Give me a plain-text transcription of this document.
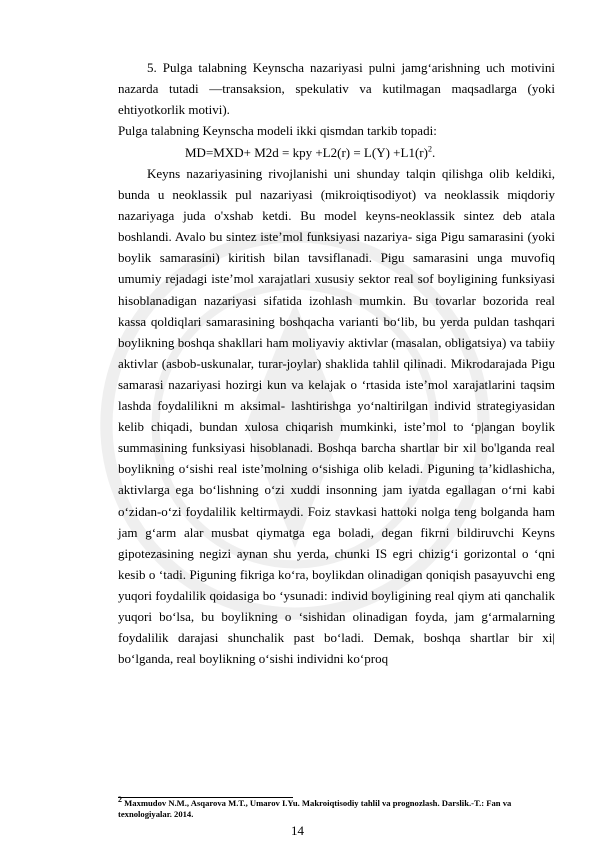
5. Pulga talabning Keynscha nazariyasi pulni jamg‘arishning uch motivini nazarda tutadi —transaksion, spekulativ va kutilmagan maqsadlarga (yoki ehtiyotkorlik motivi).

Pulga talabning Keynscha modeli ikki qismdan tarkib topadi:
MD=MXD+ M2d = kpy $+L2(r) = L(Y) +L1(r)^2$.

Keyns nazariyasining rivojlanishi uni shunday talqin qilishga olib keldiki, bunda u neoklassik pul nazariyasi (mikroiqtisodiyot) va neoklassik miqdoriy nazariyaga juda o'xshab ketdi. Bu model keyns-neoklassik sintez deb atala boshlandi. Avalo bu sintez iste’mol funksiyasi nazariya- siga Pigu samarasini (yoki boylik samarasini) kiritish bilan tavsiflanadi. Pigu samarasini unga muvofiq umumiy rejadagi iste’mol xarajatlari xususiy sektor real sof boyligining funksiyasi hisoblanadigan nazariyasi sifatida izohlash mumkin. Bu tovarlar bozorida real kassa qoldiqlari samarasining boshqacha varianti bo‘lib, bu yerda puldan tashqari boylikning boshqa shakllari ham moliyaviy aktivlar (masalan, obligatsiya) va tabiiy aktivlar (asbob-uskunalar, turar-joylar) shaklida tahlil qilinadi. Mikrodarajada Pigu samarasi nazariyasi hozirgi kun va kelajak o ‘rtasida iste’mol xarajatlarini taqsim lashda foydalilikni m aksimal- lashtirishga yo‘naltirilgan individ strategiyasidan kelib chiqadi, bundan xulosa chiqarish mumkinki, iste’mol to ‘p|angan boylik summasining funksiyasi hisoblanadi. Boshqa barcha shartlar bir xil bo'lganda real boylikning o‘sishi real iste’molning o‘sishiga olib keladi. Piguning ta’kidlashicha, aktivlarga ega bo‘lishning o‘zi xuddi insonning jam iyatda egallagan o‘rni kabi o‘zidan-o‘zi foydalilik keltirmaydi. Foiz stavkasi hattoki nolga teng bolganda ham jam g‘arm alar musbat qiymatga ega boladi, degan fikrni bildiruvchi Keyns gipotezasining negizi aynan shu yerda, chunki IS egri chizig‘i gorizontal o ‘qni kesib o ‘tadi. Piguning fikriga ko‘ra, boylikdan olinadigan qoniqish pasayuvchi eng yuqori foydalilik qoidasiga bo ‘ysunadi: individ boyligining real qiym ati qanchalik yuqori bo‘lsa, bu boylikning o ‘sishidan olinadigan foyda, jam g‘armalarning foydalilik darajasi shunchalik past bo‘ladi. Demak, boshqa shartlar bir xi| bo‘lganda, real boylikning o‘sishi individni ko‘proq

$^2$ Maxmudov N.M., Asqarova M.T., Umarov I.Yu. Makroiqtisodiy tahlil va prognozlash. Darslik.-T.: Fan va texnologiyalar. 2014.

14
